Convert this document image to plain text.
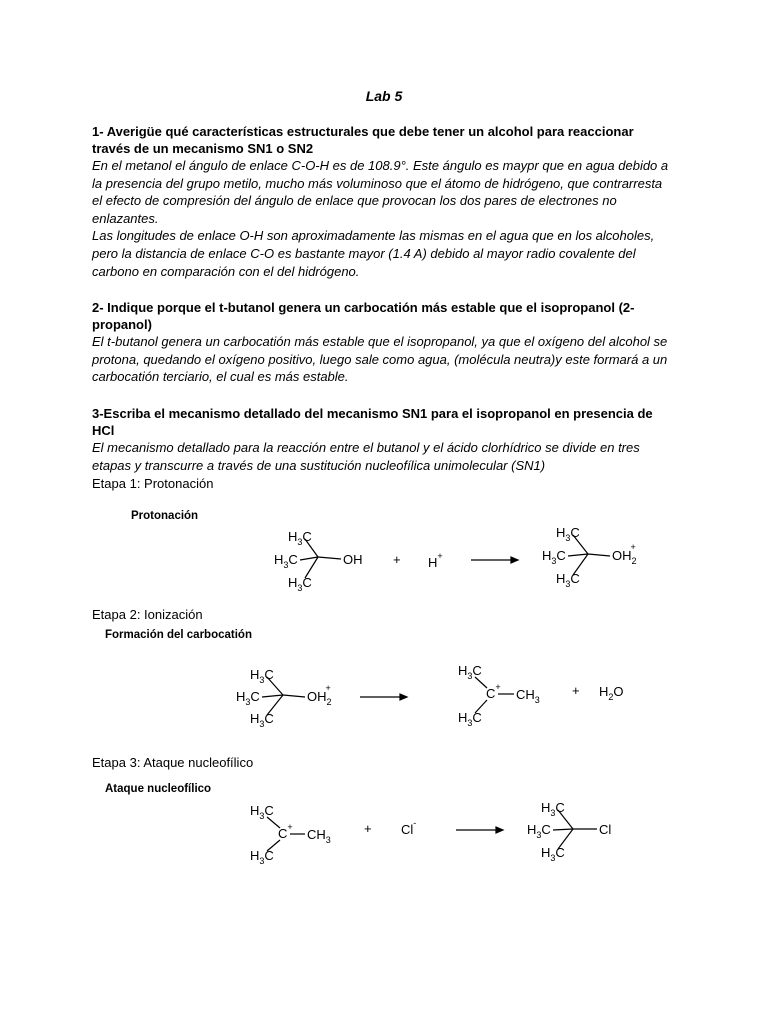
Lab 5

1- Averigüe qué características estructurales que debe tener un alcohol para reaccionar través de un mecanismo SN1 o SN2

En el metanol el ángulo de enlace C-O-H es de 108.9°. Este ángulo es maypr que en agua debido a la presencia del grupo metilo, mucho más voluminoso que el átomo de hidrógeno, que contrarresta el efecto de compresión del ángulo de enlace que provocan los dos pares de electrones no enlazantes.

Las longitudes de enlace O-H son aproximadamente las mismas en el agua que en los alcoholes, pero la distancia de enlace C-O es bastante mayor (1.4 A) debido al mayor radio covalente del carbono en comparación con el del hidrógeno.

2- Indique porque el t-butanol genera un carbocatión más estable que el isopropanol (2-propanol)

El t-butanol genera un carbocatión más estable que el isopropanol, ya que el oxígeno del alcohol se protona, quedando el oxígeno positivo, luego sale como agua, (molécula neutra)y este formará a un carbocatión terciario, el cual es más estable.

3-Escriba el mecanismo detallado del mecanismo SN1 para el isopropanol en presencia de HCl

El mecanismo detallado para la reacción entre el butanol y el ácido clorhídrico se divide en tres etapas y transcurre a través de una sustitución nucleofílica unimolecular (SN1)

Etapa 1: Protonación
Protonación
$H_3C$
$H_3C$
$H_3C$
OH + H+
$H_3C$
$H_3C$
$H_3C$
$OH_2+$
Etapa 2: Ionización
Formación del carbocatión
$H_3C$
$H_3C$
$H_3C$
$OH_2+$
$H_3C$
C+
$H_3C$
$CH_3$
+ $H_2O$
Etapa 3: Ataque nucleofílico
Ataque nucleofílico
$H_3C$
C+
$H_3C$
$CH_3$
+ Cl-
$H_3C$
$H_3C$
$H_3C$
Cl
